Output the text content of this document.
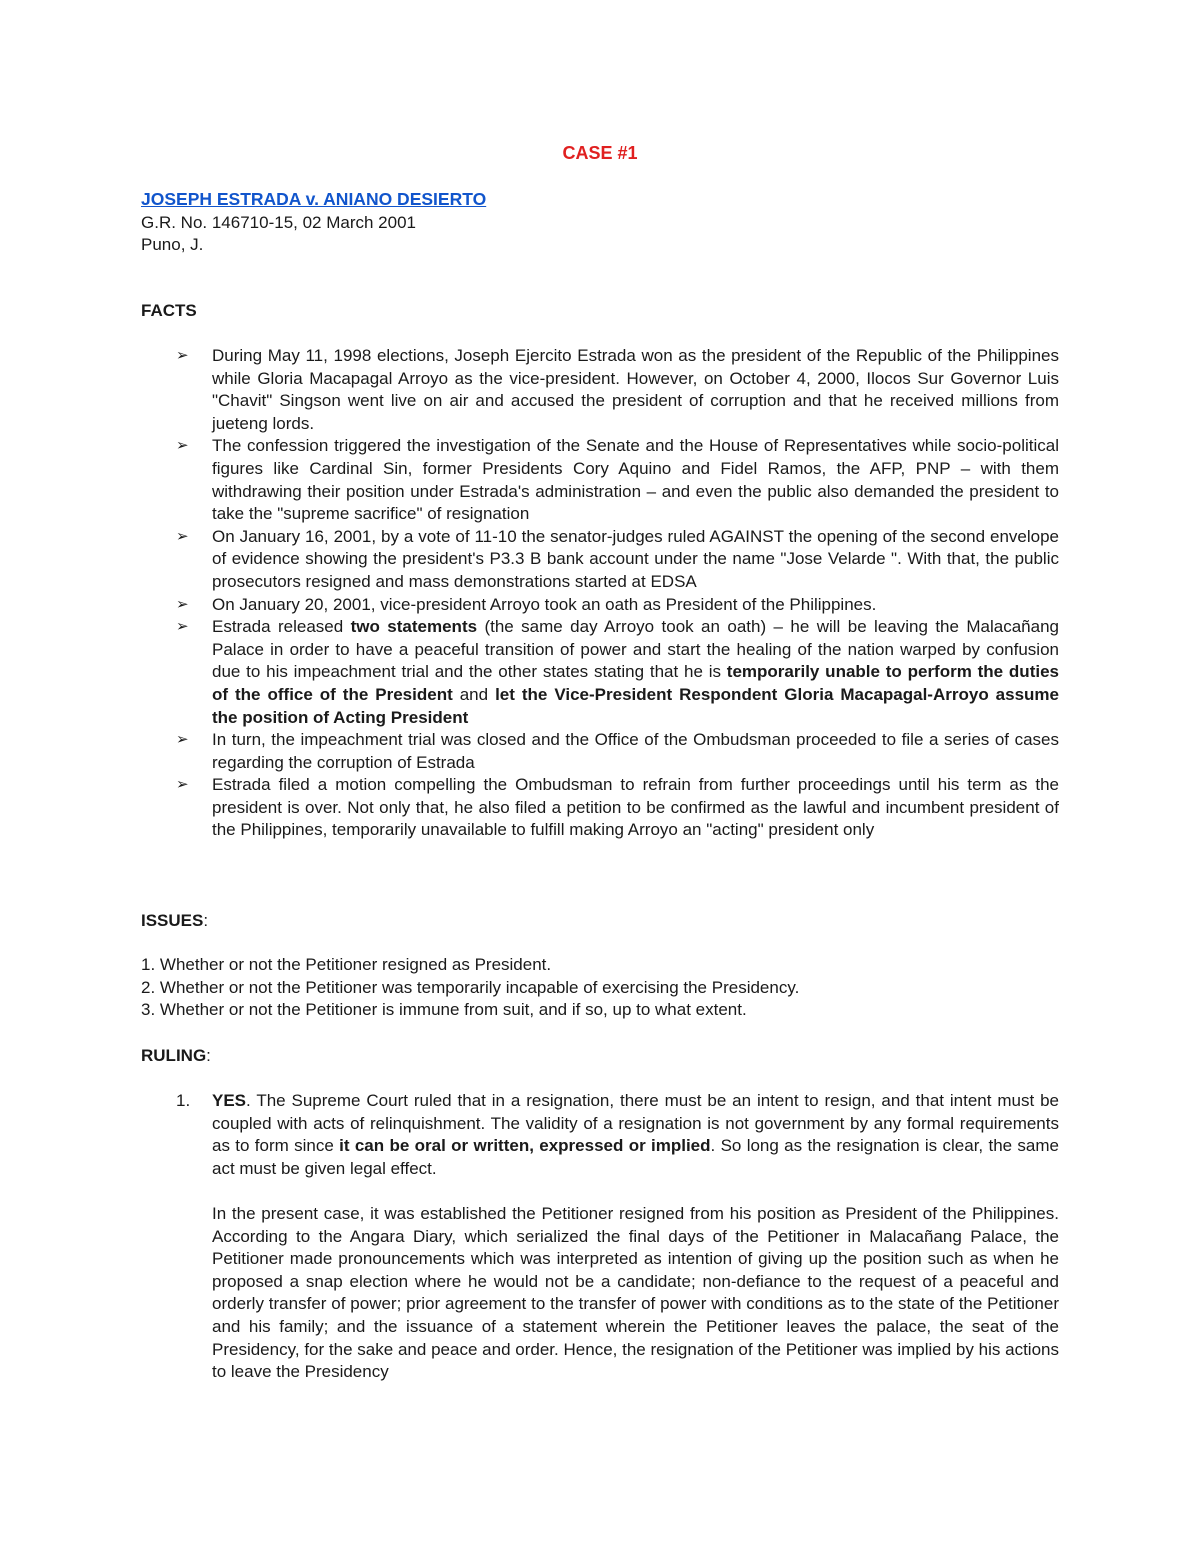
CASE #1
JOSEPH ESTRADA v. ANIANO DESIERTO
G.R. No. 146710-15, 02 March 2001
Puno, J.
FACTS
➢ During May 11, 1998 elections, Joseph Ejercito Estrada won as the president of the Republic of the Philippines while Gloria Macapagal Arroyo as the vice-president. However, on October 4, 2000, Ilocos Sur Governor Luis "Chavit" Singson went live on air and accused the president of corruption and that he received millions from jueteng lords.
➢ The confession triggered the investigation of the Senate and the House of Representatives while socio-political figures like Cardinal Sin, former Presidents Cory Aquino and Fidel Ramos, the AFP, PNP – with them withdrawing their position under Estrada's administration – and even the public also demanded the president to take the "supreme sacrifice" of resignation
➢ On January 16, 2001, by a vote of 11-10 the senator-judges ruled AGAINST the opening of the second envelope of evidence showing the president's P3.3 B bank account under the name "Jose Velarde ". With that, the public prosecutors resigned and mass demonstrations started at EDSA
➢ On January 20, 2001, vice-president Arroyo took an oath as President of the Philippines.
➢ Estrada released two statements (the same day Arroyo took an oath) – he will be leaving the Malacañang Palace in order to have a peaceful transition of power and start the healing of the nation warped by confusion due to his impeachment trial and the other states stating that he is temporarily unable to perform the duties of the office of the President and let the Vice-President Respondent Gloria Macapagal-Arroyo assume the position of Acting President
➢ In turn, the impeachment trial was closed and the Office of the Ombudsman proceeded to file a series of cases regarding the corruption of Estrada
➢ Estrada filed a motion compelling the Ombudsman to refrain from further proceedings until his term as the president is over. Not only that, he also filed a petition to be confirmed as the lawful and incumbent president of the Philippines, temporarily unavailable to fulfill making Arroyo an "acting" president only
ISSUES:
1. Whether or not the Petitioner resigned as President.
2. Whether or not the Petitioner was temporarily incapable of exercising the Presidency.
3. Whether or not the Petitioner is immune from suit, and if so, up to what extent.
RULING:
1. YES. The Supreme Court ruled that in a resignation, there must be an intent to resign, and that intent must be coupled with acts of relinquishment. The validity of a resignation is not government by any formal requirements as to form since it can be oral or written, expressed or implied. So long as the resignation is clear, the same act must be given legal effect.

In the present case, it was established the Petitioner resigned from his position as President of the Philippines. According to the Angara Diary, which serialized the final days of the Petitioner in Malacañang Palace, the Petitioner made pronouncements which was interpreted as intention of giving up the position such as when he proposed a snap election where he would not be a candidate; non-defiance to the request of a peaceful and orderly transfer of power; prior agreement to the transfer of power with conditions as to the state of the Petitioner and his family; and the issuance of a statement wherein the Petitioner leaves the palace, the seat of the Presidency, for the sake and peace and order. Hence, the resignation of the Petitioner was implied by his actions to leave the Presidency
